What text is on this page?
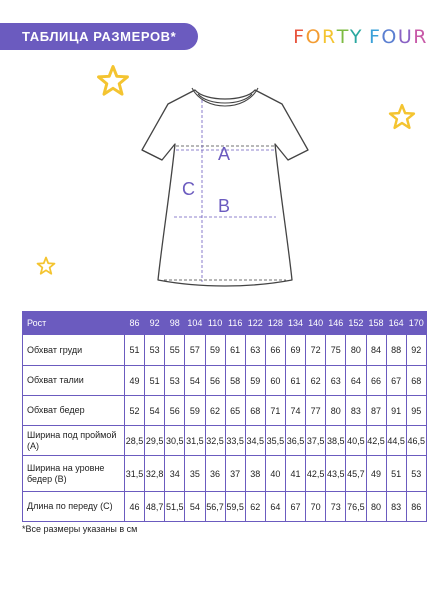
ТАБЛИЦА РАЗМЕРОВ*	FORTY FOUR
A
C
B
Рост	86	92	98	104	110	116	122	128	134	140	146	152	158	164	170
Обхват груди	51	53	55	57	59	61	63	66	69	72	75	80	84	88	92
Обхват талии	49	51	53	54	56	58	59	60	61	62	63	64	66	67	68
Обхват бедер	52	54	56	59	62	65	68	71	74	77	80	83	87	91	95
Ширина под проймой (А)	28,5	29,5	30,5	31,5	32,5	33,5	34,5	35,5	36,5	37,5	38,5	40,5	42,5	44,5	46,5
Ширина на уровне бедер (В)	31,5	32,8	34	35	36	37	38	40	41	42,5	43,5	45,7	49	51	53
Длина по переду (С)	46	48,7	51,5	54	56,7	59,5	62	64	67	70	73	76,5	80	83	86
*Все размеры указаны в см
